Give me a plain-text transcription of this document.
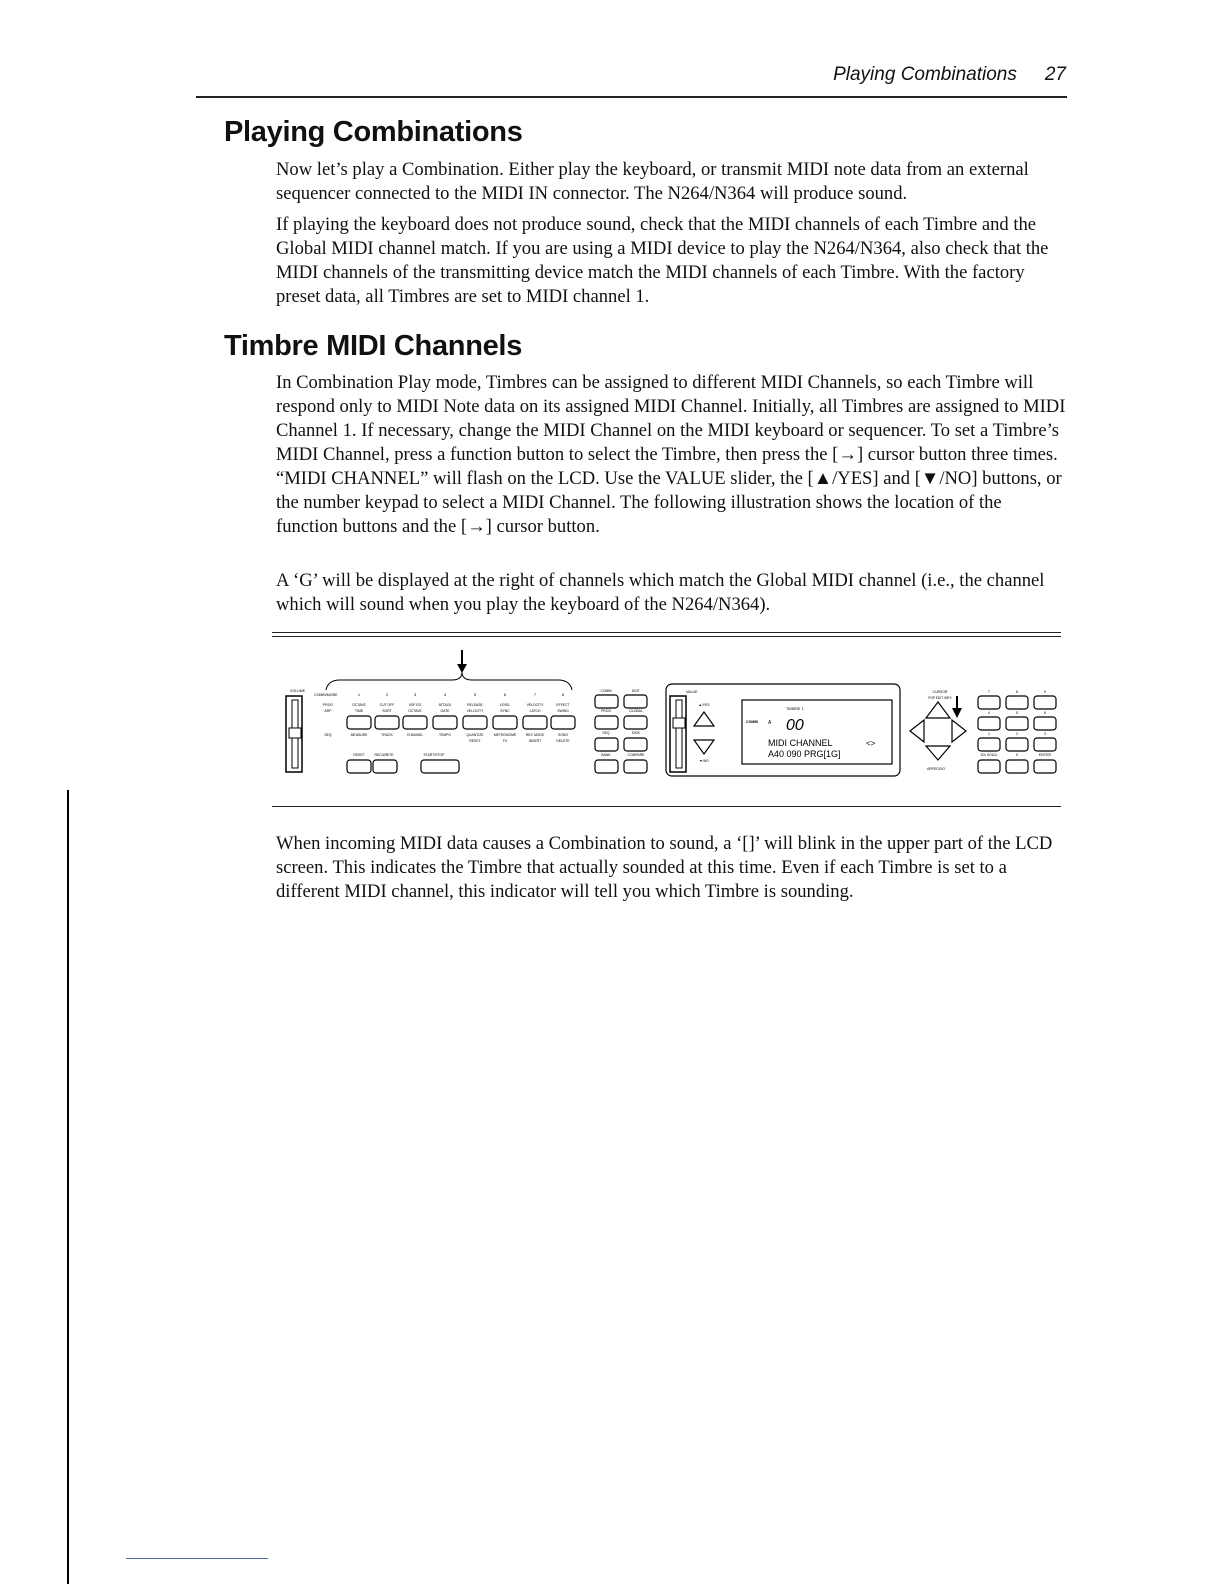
Playing Combinations 27
Playing Combinations

Now let’s play a Combination. Either play the keyboard, or transmit MIDI note data from an external sequencer connected to the MIDI IN connector. The N264/N364 will produce sound.

If playing the keyboard does not produce sound, check that the MIDI channels of each Timbre and the Global MIDI channel match. If you are using a MIDI device to play the N264/N364, also check that the MIDI channels of the transmitting device match the MIDI channels of each Timbre. With the factory preset data, all Timbres are set to MIDI channel 1.

Timbre MIDI Channels

In Combination Play mode, Timbres can be assigned to different MIDI Channels, so each Timbre will respond only to MIDI Note data on its assigned MIDI Channel. Initially, all Timbres are assigned to MIDI Channel 1. If necessary, change the MIDI Channel on the MIDI keyboard or sequencer. To set a Timbre’s MIDI Channel, press a function button to select the Timbre, then press the [→] cursor button three times. “MIDI CHANNEL” will flash on the LCD. Use the VALUE slider, the [▲/YES] and [▼/NO] buttons, or the number keypad to select a MIDI Channel. The following illustration shows the location of the function buttons and the [→] cursor button.

A ‘G’ will be displayed at the right of channels which match the Global MIDI channel (i.e., the channel which will sound when you play the keyboard of the N264/N364).

VOLUME
COMBI/MODE	1	2	3	4	5	6	7	8
PROG	OCTAVE	CUT OFF	VDF EG	ATTACK	RELEASE	LEVEL	VELOCITY	EFFECT
ARP	TIME	SORT	OCTAVE	GATE	VELOCITY	SYNC	LATCH	SWING
SEQ	MEASURE	TRACK	CHANNEL	TEMPO	QUANTIZE	METRONOME	REC MODE	SONG
RESET	FX	INSERT	DELETE
RESET	REC/WRITE	START/STOP
COMBI	EDIT
PROG	GLOBAL
SEQ	DISK
BANK	COMPARE
VALUE
▲/YES
▼/NO
TIMBRE 1
COMBI A 00
MIDI CHANNEL	<>
A40 090 PRG[1G]
CURSOR
POP EDIT /MFX
ARPEGGIO
7	8	9
4	5	6
1	2	3
10's HOLD/-	0	ENTER

When incoming MIDI data causes a Combination to sound, a ‘[]’ will blink in the upper part of the LCD screen. This indicates the Timbre that actually sounded at this time. Even if each Timbre is set to a different MIDI channel, this indicator will tell you which Timbre is sounding.
